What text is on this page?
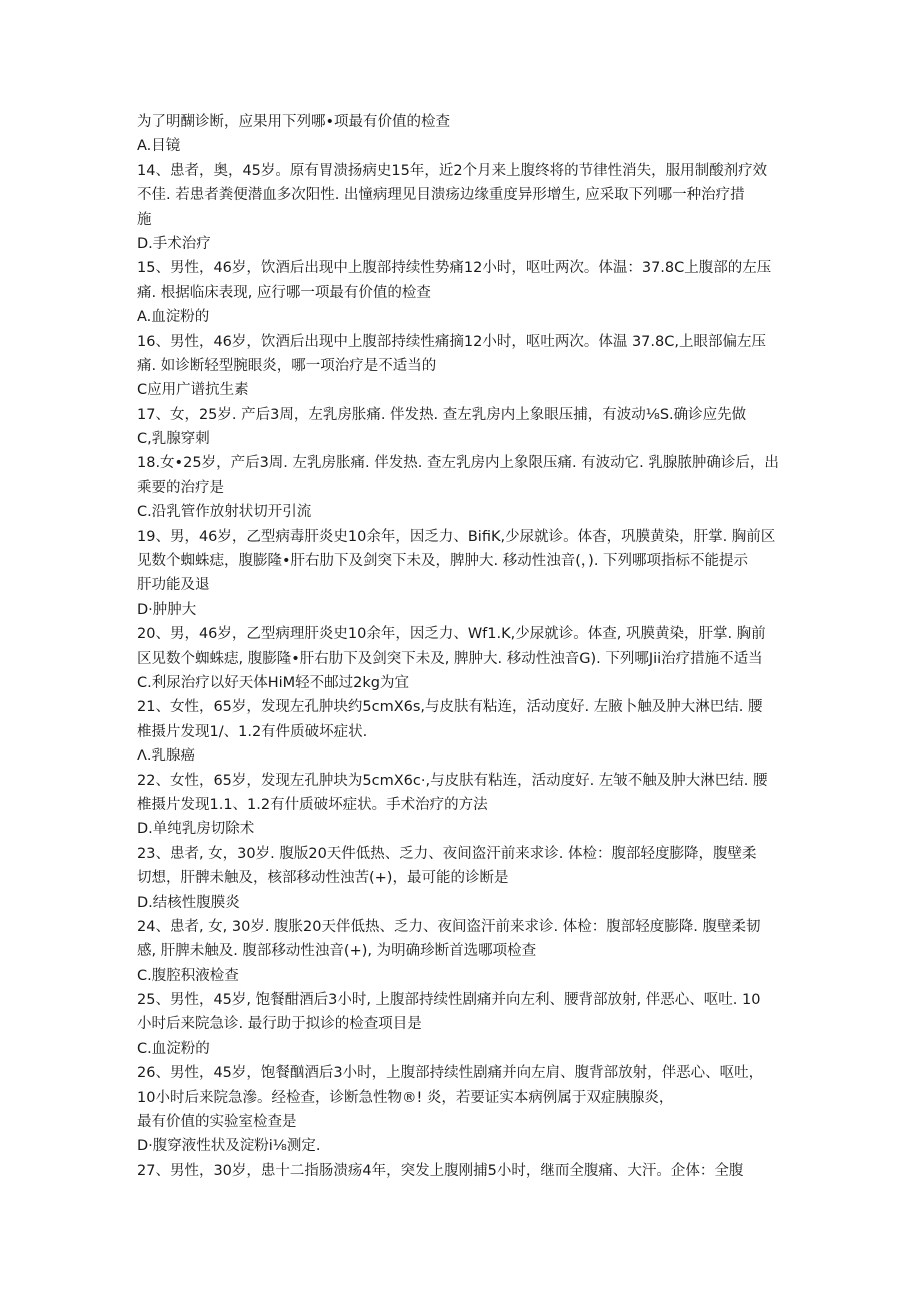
为了明醐诊断，应果用下列哪•项最有价值的检查
A.目镜
14、患者，奥，45岁。原有胃溃扬病史15年，近2个月来上腹终将的节律性消失，服用制酸剂疗效
不佳. 若患者粪便潜血多次阳性. 出憧病理见目溃疡边缘重度异形增生, 应采取下列哪一种治疗措
施
D.手术治疗
15、男性，46岁，饮酒后出现中上腹部持续性势痛12小时，呕吐两次。体温：37.8C上腹部的左压
痛. 根据临床表现, 应行哪一项最有价值的检查
A.血淀粉的
16、男性，46岁，饮酒后出现中上腹部持续性痛摘12小时，呕吐两次。体温 37.8C,上眼部偏左压
痛. 如诊断轻型腕眼炎，哪一项治疗是不适当的
C应用广谱抗生素
17、女，25岁. 产后3周，左乳房胀痛. 伴发热. 查左乳房内上象眼压捕，有波动⅛S.确诊应先做
C,乳腺穿刺
18.女•25岁，产后3周. 左乳房胀痛. 伴发热. 查左乳房内上象限压痛. 有波动它. 乳腺脓肿确诊后，出
乘要的治疗是
C.沿乳管作放射状切开引流
19、男，46岁，乙型病毒肝炎史10余年，因乏力、BifiK,少尿就诊。体杳，巩膜黄染，肝掌. 胸前区
见数个蜘蛛痣，腹膨隆•肝右肋下及剑突下未及，脾肿大. 移动性浊音(，). 下列哪项指标不能提示
肝功能及退
D·肿肿大
20、男，46岁，乙型病理肝炎史10余年，因乏力、Wf1.K,少尿就诊。体查, 巩膜黄染，肝掌. 胸前
区见数个蜘蛛痣, 腹膨隆•肝右肋下及剑突下未及, 脾肿大. 移动性浊音G). 下列哪Jii治疗措施不适当
C.利尿治疗以好天体HiM轻不邮过2kg为宜
21、女性，65岁，发现左孔肿块约5cmX6s,与皮肤有粘连，活动度好. 左腋卜触及肿大淋巴结. 腰
椎摄片发现1/、1.2有件质破坏症状.
Λ.乳腺癌
22、女性，65岁，发现左孔肿块为5cmX6c·,与皮肤有粘连，活动度好. 左皱不触及肿大淋巴结. 腰
椎摄片发现1.1、1.2有什质破坏症状。手术治疗的方法
D.单纯乳房切除术
23、患者, 女，30岁. 腹版20天件低热、乏力、夜间盗汗前来求诊. 体检：腹部轻度膨降，腹壁柔
切想，肝髀未触及，核部移动性浊苦(+)，最可能的诊断是
D.结核性腹膜炎
24、患者, 女, 30岁. 腹胀20天伴低热、乏力、夜间盗汗前来求诊. 体检：腹部轻度膨降. 腹壁柔韧
感, 肝脾未触及. 腹部移动性浊音(+), 为明确珍断首选哪项检查
C.腹腔积液检查
25、男性，45岁, 饱餐酣酒后3小时, 上腹部持续性剧痛并向左利、腰背部放射, 伴恶心、呕吐. 10
小时后来院急诊. 最行助于拟诊的检查项目是
C.血淀粉的
26、男性，45岁，饱餐酗酒后3小时，上腹部持续性剧痛并向左肩、腹背部放射，伴恶心、呕吐，
10小时后来院急滲。经检查，诊断急性物®! 炎，若要证实本病例属于双症胰腺炎，
最有价值的实验室检查是
D·腹穿液性状及淀粉i⅛测定.
27、男性，30岁，患十二指肠溃疡4年，突发上腹刚捕5小时，继而全腹痛、大汗。企体：全腹
